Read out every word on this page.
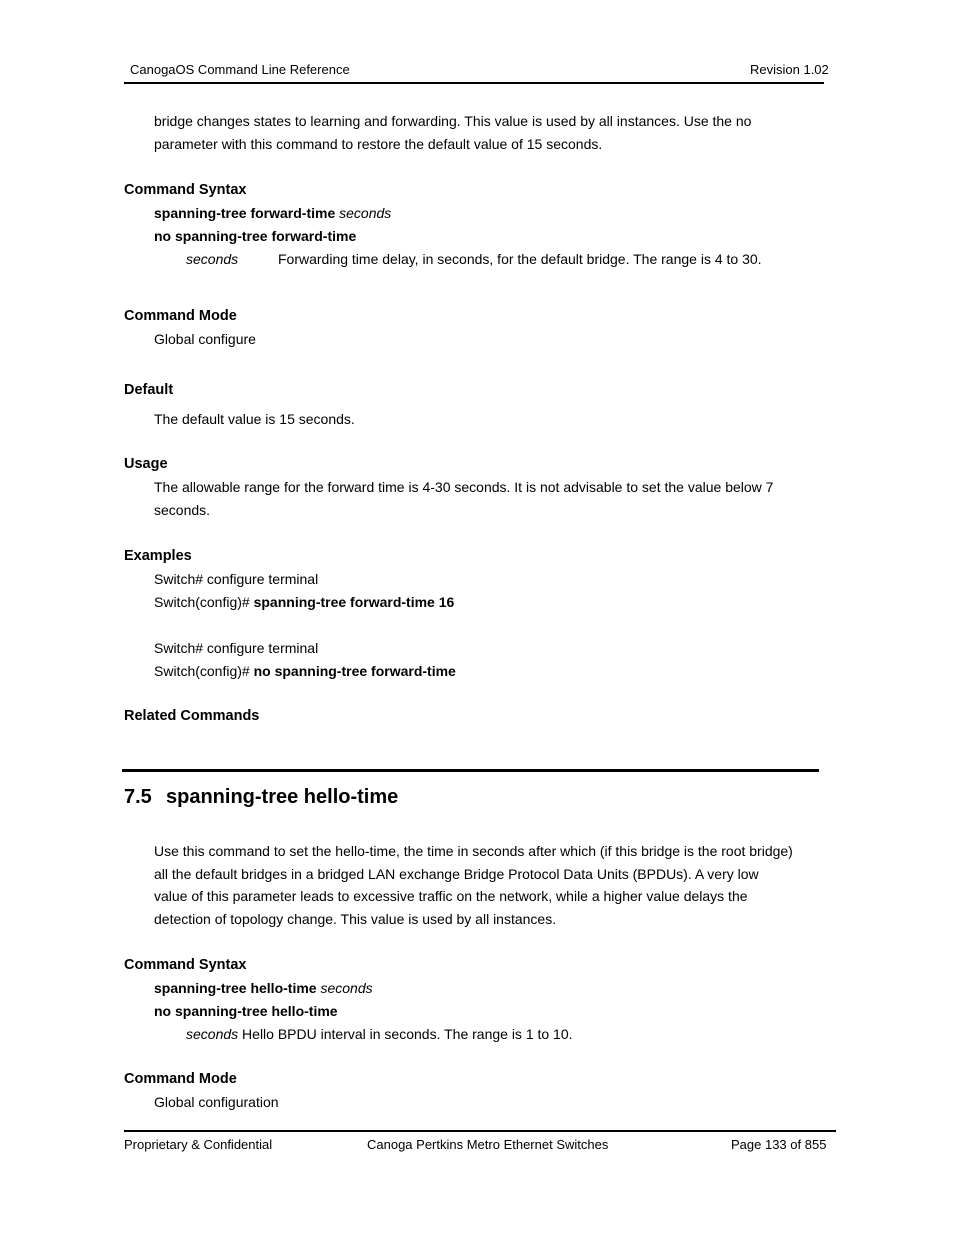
CanogaOS Command Line Reference	Revision 1.02
bridge changes states to learning and forwarding. This value is used by all instances. Use the no
parameter with this command to restore the default value of 15 seconds.
Command Syntax
spanning-tree forward-time seconds
no spanning-tree forward-time
seconds	Forwarding time delay, in seconds, for the default bridge. The range is 4 to 30.
Command Mode
Global configure
Default
The default value is 15 seconds.
Usage
The allowable range for the forward time is 4-30 seconds. It is not advisable to set the value below 7
seconds.
Examples
Switch# configure terminal
Switch(config)# spanning-tree forward-time 16
Switch# configure terminal
Switch(config)# no spanning-tree forward-time
Related Commands
7.5 spanning-tree hello-time
Use this command to set the hello-time, the time in seconds after which (if this bridge is the root bridge)
all the default bridges in a bridged LAN exchange Bridge Protocol Data Units (BPDUs). A very low
value of this parameter leads to excessive traffic on the network, while a higher value delays the
detection of topology change. This value is used by all instances.
Command Syntax
spanning-tree hello-time seconds
no spanning-tree hello-time
seconds Hello BPDU interval in seconds. The range is 1 to 10.
Command Mode
Global configuration
Proprietary & Confidential	Canoga Pertkins Metro Ethernet Switches	Page 133 of 855
